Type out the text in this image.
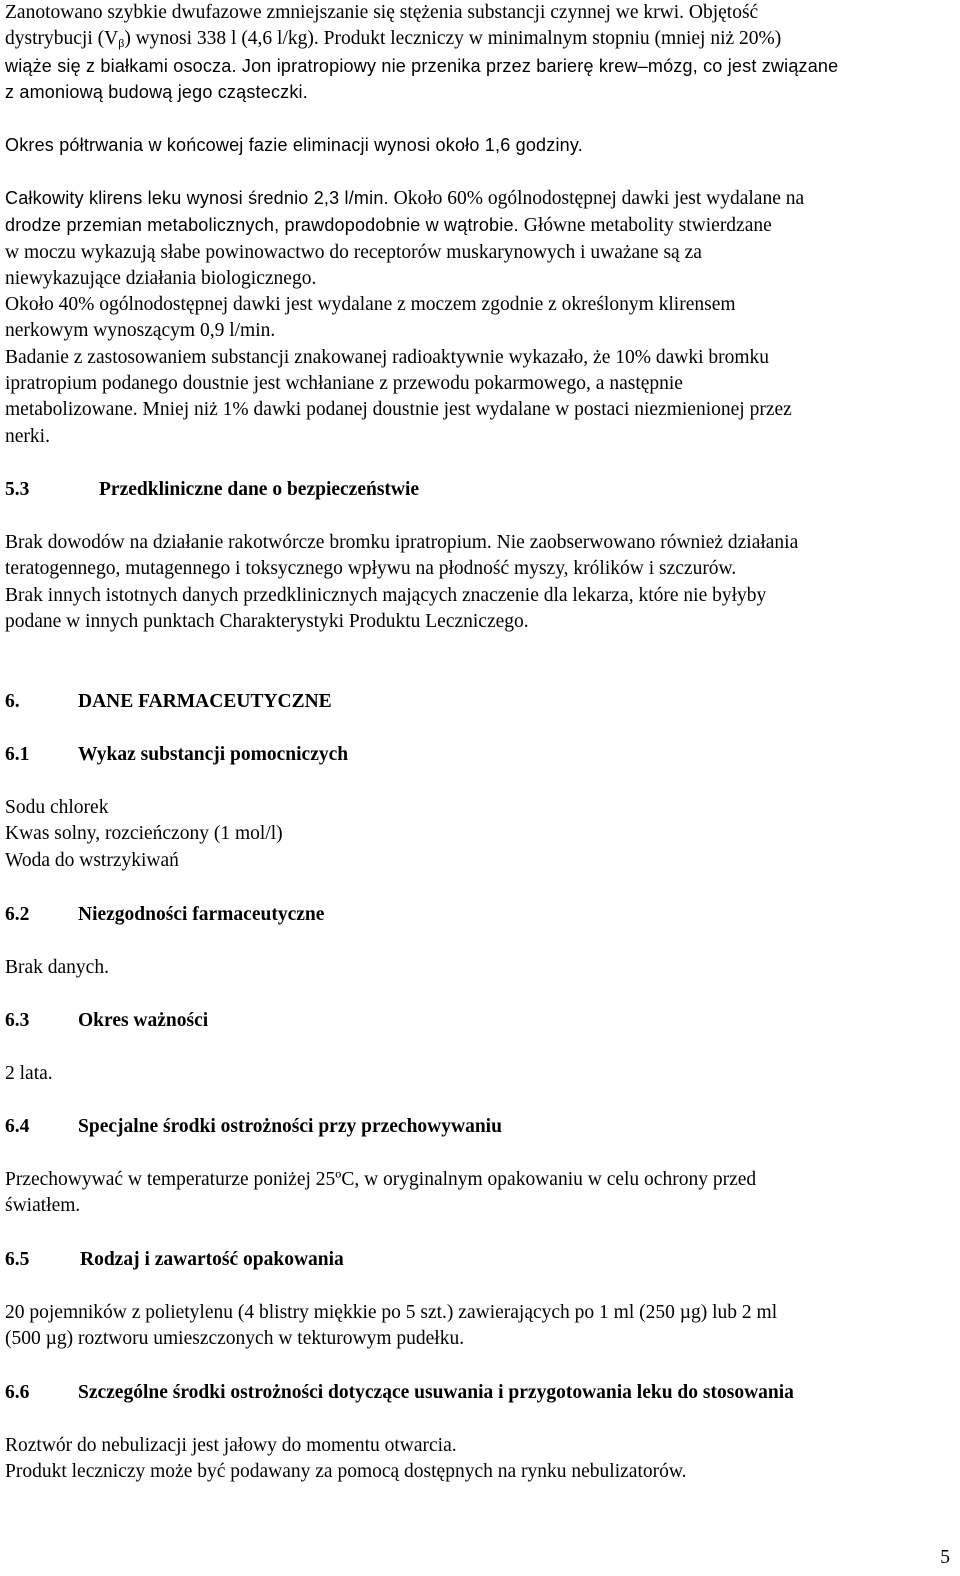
Zanotowano szybkie dwufazowe zmniejszanie się stężenia substancji czynnej we krwi. Objętość
dystrybucji $(V_\beta)$ wynosi 338 l (4,6 l/kg). Produkt leczniczy w minimalnym stopniu (mniej niż 20%)
wiąże się z białkami osocza. Jon ipratropiowy nie przenika przez barierę krew–mózg, co jest związane
z amoniową budową jego cząsteczki.
Okres półtrwania w końcowej fazie eliminacji wynosi około 1,6 godziny.
Całkowity klirens leku wynosi średnio 2,3 l/min. Około 60% ogólnodostępnej dawki jest wydalane na
drodze przemian metabolicznych, prawdopodobnie w wątrobie. Główne metabolity stwierdzane
w moczu wykazują słabe powinowactwo do receptorów muskarynowych i uważane są za
niewykazujące działania biologicznego.
Około 40% ogólnodostępnej dawki jest wydalane z moczem zgodnie z określonym klirensem
nerkowym wynoszącym 0,9 l/min.
Badanie z zastosowaniem substancji znakowanej radioaktywnie wykazało, że 10% dawki bromku
ipratropium podanego doustnie jest wchłaniane z przewodu pokarmowego, a następnie
metabolizowane. Mniej niż 1% dawki podanej doustnie jest wydalane w postaci niezmienionej przez
nerki.
5.3	Przedkliniczne dane o bezpieczeństwie
Brak dowodów na działanie rakotwórcze bromku ipratropium. Nie zaobserwowano również działania
teratogennego, mutagennego i toksycznego wpływu na płodność myszy, królików i szczurów.
Brak innych istotnych danych przedklinicznych mających znaczenie dla lekarza, które nie byłyby
podane w innych punktach Charakterystyki Produktu Leczniczego.
6.	DANE FARMACEUTYCZNE
6.1	Wykaz substancji pomocniczych
Sodu chlorek
Kwas solny, rozcieńczony (1 mol/l)
Woda do wstrzykiwań
6.2	Niezgodności farmaceutyczne
Brak danych.
6.3	Okres ważności
2 lata.
6.4	Specjalne środki ostrożności przy przechowywaniu
Przechowywać w temperaturze poniżej 25ºC, w oryginalnym opakowaniu w celu ochrony przed
światłem.
6.5	Rodzaj i zawartość opakowania
20 pojemników z polietylenu (4 blistry miękkie po 5 szt.) zawierających po 1 ml (250 µg) lub 2 ml
(500 µg) roztworu umieszczonych w tekturowym pudełku.
6.6	Szczególne środki ostrożności dotyczące usuwania i przygotowania leku do stosowania
Roztwór do nebulizacji jest jałowy do momentu otwarcia.
Produkt leczniczy może być podawany za pomocą dostępnych na rynku nebulizatorów.
5
